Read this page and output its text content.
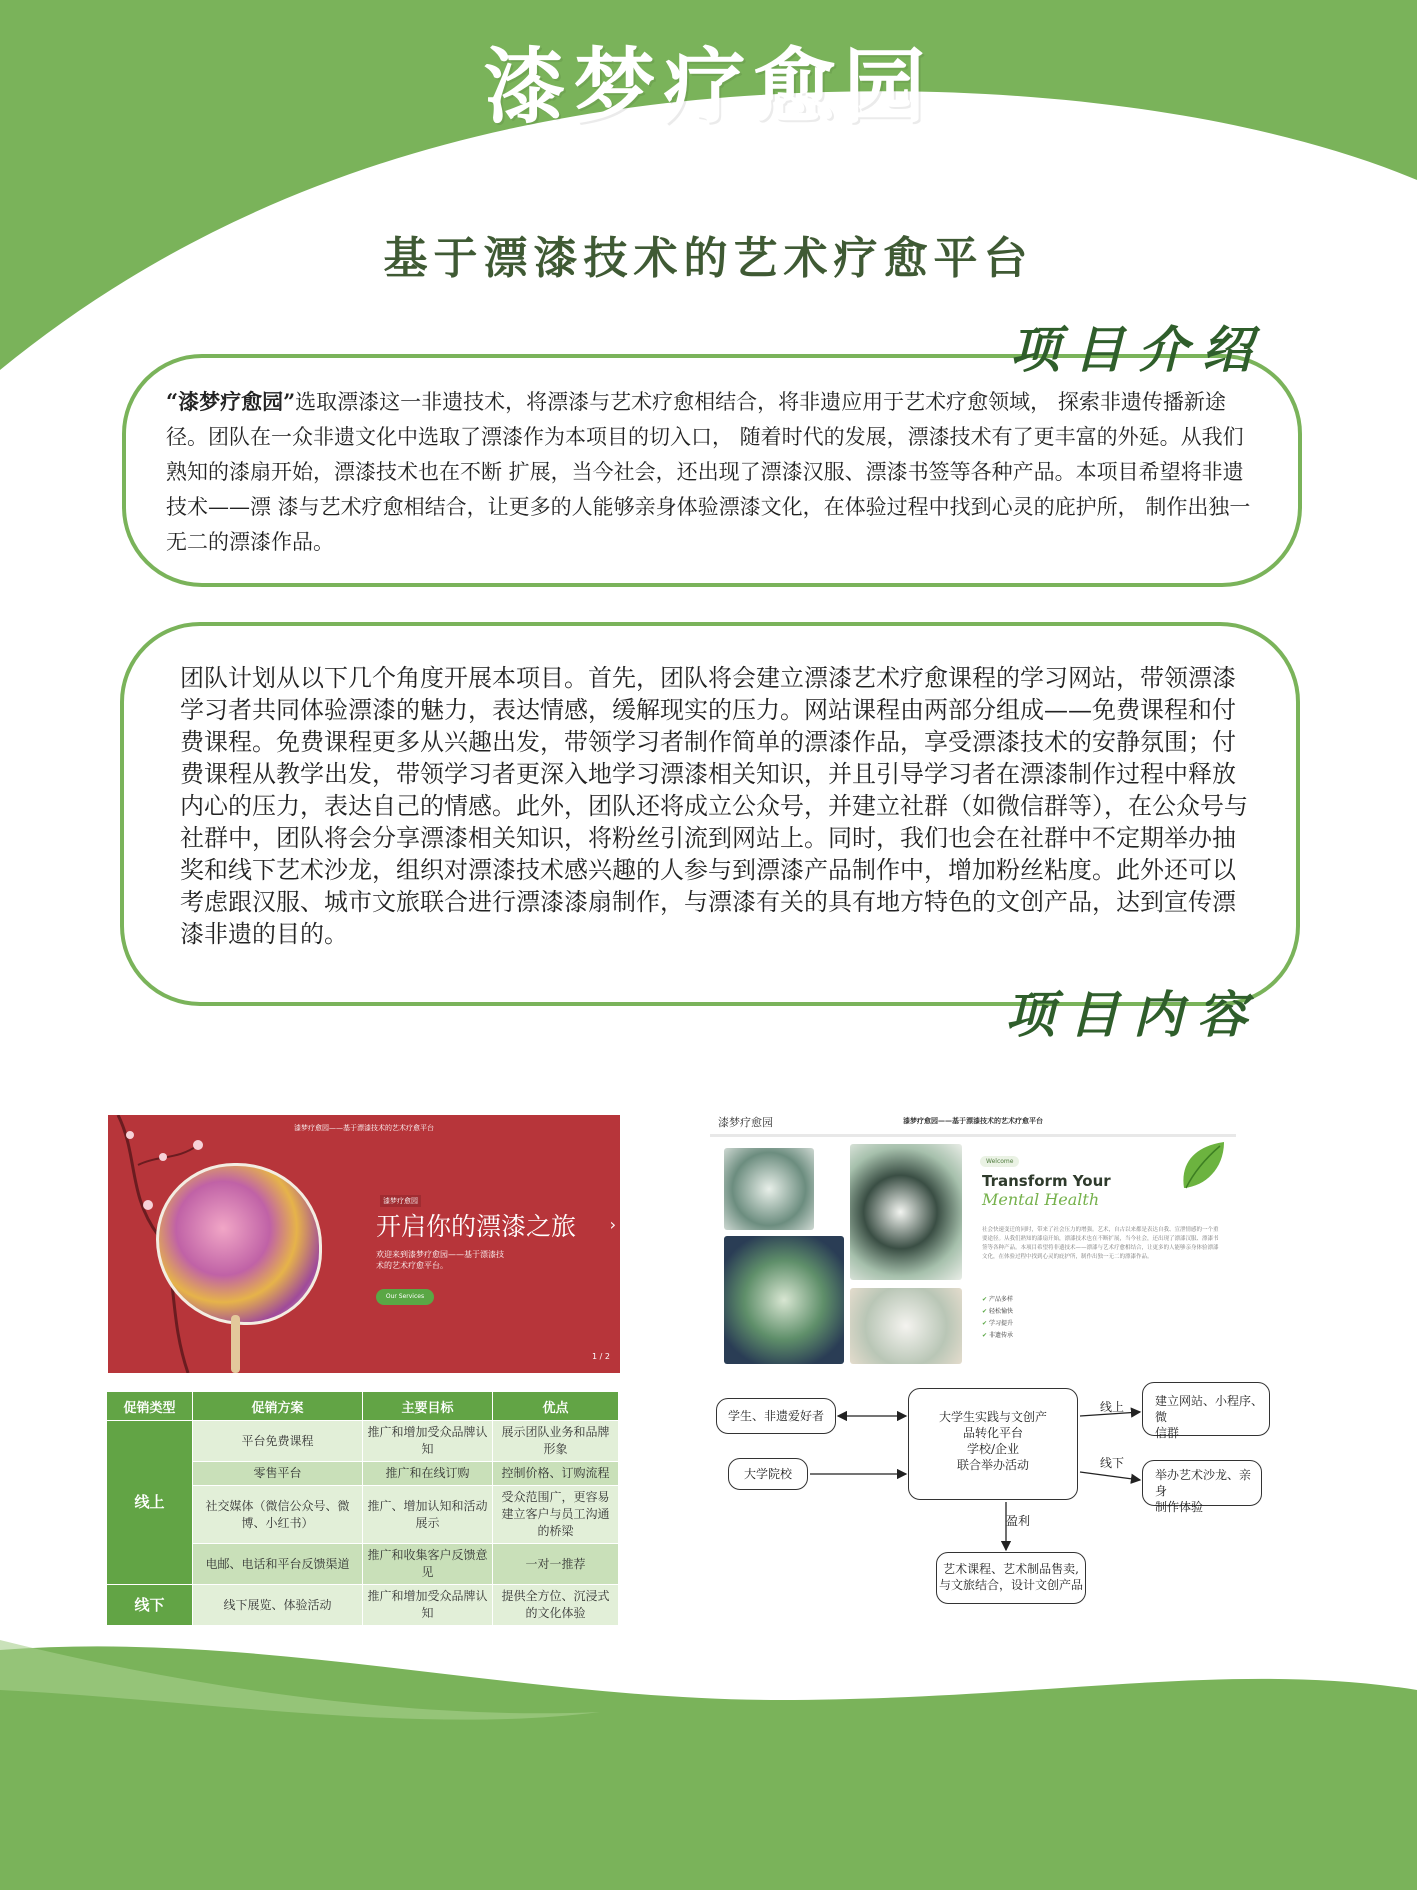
漆梦疗愈园
基于漂漆技术的艺术疗愈平台
项目介绍
“漆梦疗愈园”选取漂漆这一非遗技术，将漂漆与艺术疗愈相结合，将非遗应用于艺术疗愈领域， 探索非遗传播新途径。团队在一众非遗文化中选取了漂漆作为本项目的切入口， 随着时代的发展，漂漆技术有了更丰富的外延。从我们熟知的漆扇开始，漂漆技术也在不断 扩展，当今社会，还出现了漂漆汉服、漂漆书签等各种产品。本项目希望将非遗技术——漂 漆与艺术疗愈相结合，让更多的人能够亲身体验漂漆文化，在体验过程中找到心灵的庇护所， 制作出独一无二的漂漆作品。
团队计划从以下几个角度开展本项目。首先，团队将会建立漂漆艺术疗愈课程的学习网站，带领漂漆学习者共同体验漂漆的魅力，表达情感，缓解现实的压力。网站课程由两部分组成——免费课程和付费课程。免费课程更多从兴趣出发，带领学习者制作简单的漂漆作品，享受漂漆技术的安静氛围；付费课程从教学出发，带领学习者更深入地学习漂漆相关知识，并且引导学习者在漂漆制作过程中释放内心的压力，表达自己的情感。此外，团队还将成立公众号，并建立社群（如微信群等），在公众号与社群中，团队将会分享漂漆相关知识，将粉丝引流到网站上。同时，我们也会在社群中不定期举办抽奖和线下艺术沙龙，组织对漂漆技术感兴趣的人参与到漂漆产品制作中，增加粉丝粘度。此外还可以考虑跟汉服、城市文旅联合进行漂漆漆扇制作，与漂漆有关的具有地方特色的文创产品，达到宣传漂漆非遗的目的。
项目内容
漆梦疗愈园——基于漂漆技术的艺术疗愈平台
漆梦疗愈园
开启你的漂漆之旅
欢迎来到漆梦疗愈园——基于漂漆技术的艺术疗愈平台。
Our Services
›
1 / 2
漆梦疗愈园	漆梦疗愈园——基于漂漆技术的艺术疗愈平台
Welcome
Transform Your
Mental Health
社会快速变迁的同时，带来了社会压力的增强。艺术，自古以来都是表达自我、宣泄情感的一个重要途径。从我们熟知的漆扇开始，漂漆技术也在不断扩展，当今社会，还出现了漂漆汉服、漂漆书签等各种产品。本项目希望将非遗技术——漂漆与艺术疗愈相结合，让更多的人能够亲身体验漂漆文化，在体验过程中找到心灵的庇护所，制作出独一无二的漂漆作品。
✔ 产品多样
✔ 轻松愉快
✔ 学习提升
✔ 非遗传承
促销类型	促销方案	主要目标	优点
线上	平台免费课程	推广和增加受众品牌认知	展示团队业务和品牌形象
	零售平台	推广和在线订购	控制价格、订购流程
	社交媒体（微信公众号、微博、小红书）	推广、增加认知和活动展示	受众范围广，更容易建立客户与员工沟通的桥梁
	电邮、电话和平台反馈渠道	推广和收集客户反馈意见	一对一推荐
线下	线下展览、体验活动	推广和增加受众品牌认知	提供全方位、沉浸式的文化体验
学生、非遗爱好者
大学院校
大学生实践与文创产
品转化平台
学校/企业
联合举办活动
建立网站、小程序、微
信群
举办艺术沙龙、亲身
制作体验
艺术课程、艺术制品售卖,
与文旅结合，设计文创产品
线上
线下
盈利
